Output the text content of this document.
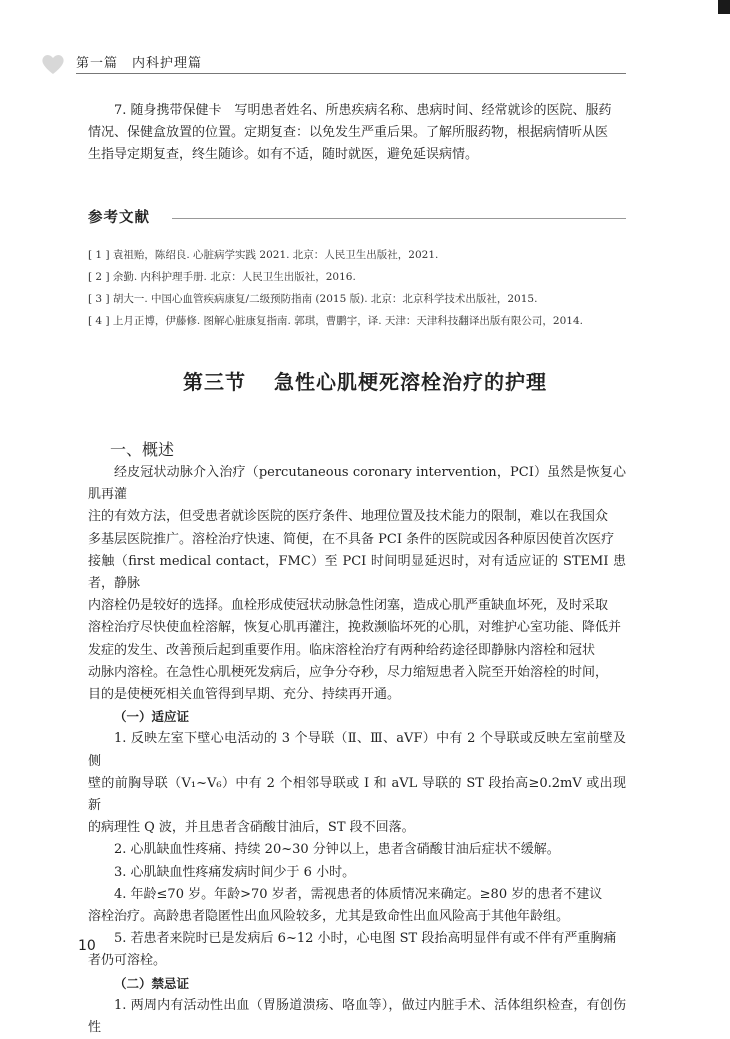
第一篇　内科护理篇

7. 随身携带保健卡　写明患者姓名、所患疾病名称、患病时间、经常就诊的医院、服药

情况、保健盒放置的位置。定期复查：以免发生严重后果。了解所服药物，根据病情听从医

生指导定期复查，终生随诊。如有不适，随时就医，避免延误病情。

参考文献
[ 1 ] 袁祖贻，陈绍良. 心脏病学实践 2021. 北京：人民卫生出版社，2021.
[ 2 ] 余勤. 内科护理手册. 北京：人民卫生出版社，2016.
[ 3 ] 胡大一. 中国心血管疾病康复/二级预防指南 (2015 版). 北京：北京科学技术出版社，2015.
[ 4 ] 上月正博，伊藤修. 图解心脏康复指南. 郭琪，曹鹏宇，译. 天津：天津科技翻译出版有限公司，2014.
第三节 急性心肌梗死溶栓治疗的护理
一、概述

经皮冠状动脉介入治疗（percutaneous coronary intervention，PCI）虽然是恢复心肌再灌

注的有效方法，但受患者就诊医院的医疗条件、地理位置及技术能力的限制，难以在我国众

多基层医院推广。溶栓治疗快速、简便，在不具备 PCI 条件的医院或因各种原因使首次医疗

接触（first medical contact，FMC）至 PCI 时间明显延迟时，对有适应证的 STEMI 患者，静脉

内溶栓仍是较好的选择。血栓形成使冠状动脉急性闭塞，造成心肌严重缺血坏死，及时采取

溶栓治疗尽快使血栓溶解，恢复心肌再灌注，挽救濒临坏死的心肌，对维护心室功能、降低并

发症的发生、改善预后起到重要作用。临床溶栓治疗有两种给药途径即静脉内溶栓和冠状

动脉内溶栓。在急性心肌梗死发病后，应争分夺秒，尽力缩短患者入院至开始溶栓的时间，

目的是使梗死相关血管得到早期、充分、持续再开通。

（一）适应证

1. 反映左室下壁心电活动的 3 个导联（Ⅱ、Ⅲ、aVF）中有 2 个导联或反映左室前壁及侧

壁的前胸导联（V₁~V₆）中有 2 个相邻导联或 I 和 aVL 导联的 ST 段抬高≥0.2mV 或出现新

的病理性 Q 波，并且患者含硝酸甘油后，ST 段不回落。

2. 心肌缺血性疼痛、持续 20~30 分钟以上，患者含硝酸甘油后症状不缓解。

3. 心肌缺血性疼痛发病时间少于 6 小时。

4. 年龄≤70 岁。年龄>70 岁者，需视患者的体质情况来确定。≥80 岁的患者不建议

溶栓治疗。高龄患者隐匿性出血风险较多，尤其是致命性出血风险高于其他年龄组。

5. 若患者来院时已是发病后 6~12 小时，心电图 ST 段抬高明显伴有或不伴有严重胸痛

者仍可溶栓。

（二）禁忌证

1. 两周内有活动性出血（胃肠道溃疡、咯血等），做过内脏手术、活体组织检查，有创伤性

10
